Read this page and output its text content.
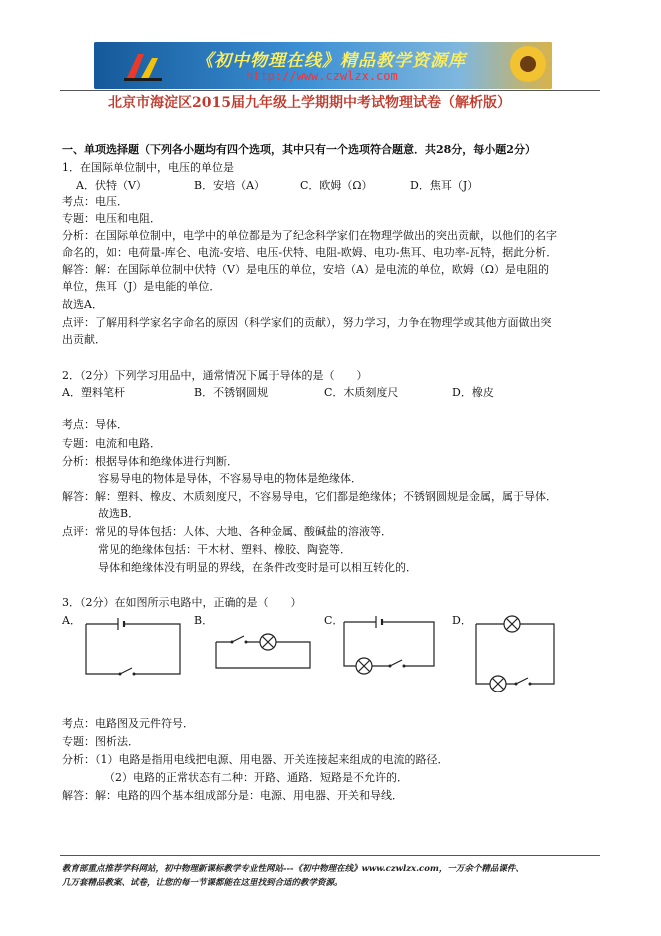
《初中物理在线》精品教学资源库
http://www.czwlzx.com
北京市海淀区2015届九年级上学期期中考试物理试卷（解析版）
一、单项选择题（下列各小题均有四个选项，其中只有一个选项符合题意．共28分，每小题2分）
1．在国际单位制中，电压的单位是
A．伏特（V）	B．安培（A）	C．欧姆（Ω）	D．焦耳（J）
考点：电压．
专题：电压和电阻．
分析：在国际单位制中，电学中的单位都是为了纪念科学家们在物理学做出的突出贡献，以他们的名字
命名的，如：电荷量-库仑、电流-安培、电压-伏特、电阻-欧姆、电功-焦耳、电功率-瓦特，据此分析．
解答：解：在国际单位制中伏特（V）是电压的单位，安培（A）是电流的单位，欧姆（Ω）是电阻的
单位，焦耳（J）是电能的单位．
故选A．
点评：了解用科学家名字命名的原因（科学家们的贡献），努力学习，力争在物理学或其他方面做出突
出贡献．
2．（2分）下列学习用品中，通常情况下属于导体的是（　　）
A．塑料笔杆	B．不锈钢圆规	C．木质刻度尺	D．橡皮
考点：导体．
专题：电流和电路．
分析：根据导体和绝缘体进行判断．
容易导电的物体是导体，不容易导电的物体是绝缘体．
解答：解：塑料、橡皮、木质刻度尺，不容易导电，它们都是绝缘体；不锈钢圆规是金属，属于导体．
故选B．
点评：常见的导体包括：人体、大地、各种金属、酸碱盐的溶液等．
常见的绝缘体包括：干木材、塑料、橡胶、陶瓷等．
导体和绝缘体没有明显的界线，在条件改变时是可以相互转化的．
3．（2分）在如图所示电路中，正确的是（　　）
A．	B．	C．	D．
考点：电路图及元件符号．
专题：图析法．
分析：（1）电路是指用电线把电源、用电器、开关连接起来组成的电流的路径．
（2）电路的正常状态有二种：开路、通路．短路是不允许的．
解答：解：电路的四个基本组成部分是：电源、用电器、开关和导线．
教育部重点推荐学科网站，初中物理新课标教学专业性网站---《初中物理在线》www.czwlzx.com，一万余个精品课件、
几万套精品教案、试卷，让您的每一节课都能在这里找到合适的教学资源。
